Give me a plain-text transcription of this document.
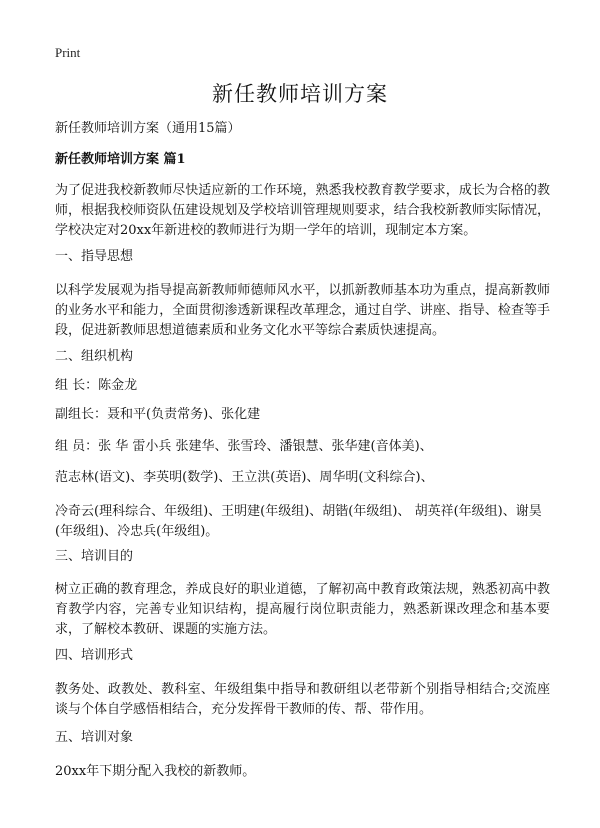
Print
新任教师培训方案
新任教师培训方案（通用15篇）
新任教师培训方案 篇1
为了促进我校新教师尽快适应新的工作环境，熟悉我校教育教学要求，成长为合格的教师，根据我校师资队伍建设规划及学校培训管理规则要求，结合我校新教师实际情况，学校决定对20xx年新进校的教师进行为期一学年的培训，现制定本方案。
一、指导思想
以科学发展观为指导提高新教师师德师风水平，以抓新教师基本功为重点，提高新教师的业务水平和能力，全面贯彻渗透新课程改革理念，通过自学、讲座、指导、检查等手段，促进新教师思想道德素质和业务文化水平等综合素质快速提高。
二、组织机构
组 长：陈金龙
副组长：聂和平(负责常务)、张化建
组 员：张 华 雷小兵 张建华、张雪玲、潘银慧、张华建(音体美)、
范志林(语文)、李英明(数学)、王立洪(英语)、周华明(文科综合)、
冷奇云(理科综合、年级组)、王明建(年级组)、胡锴(年级组)、 胡英祥(年级组)、谢昊(年级组)、冷忠兵(年级组)。
三、培训目的
树立正确的教育理念，养成良好的职业道德，了解初高中教育政策法规，熟悉初高中教育教学内容，完善专业知识结构，提高履行岗位职责能力，熟悉新课改理念和基本要求，了解校本教研、课题的实施方法。
四、培训形式
教务处、政教处、教科室、年级组集中指导和教研组以老带新个别指导相结合;交流座谈与个体自学感悟相结合，充分发挥骨干教师的传、帮、带作用。
五、培训对象
20xx年下期分配入我校的新教师。
